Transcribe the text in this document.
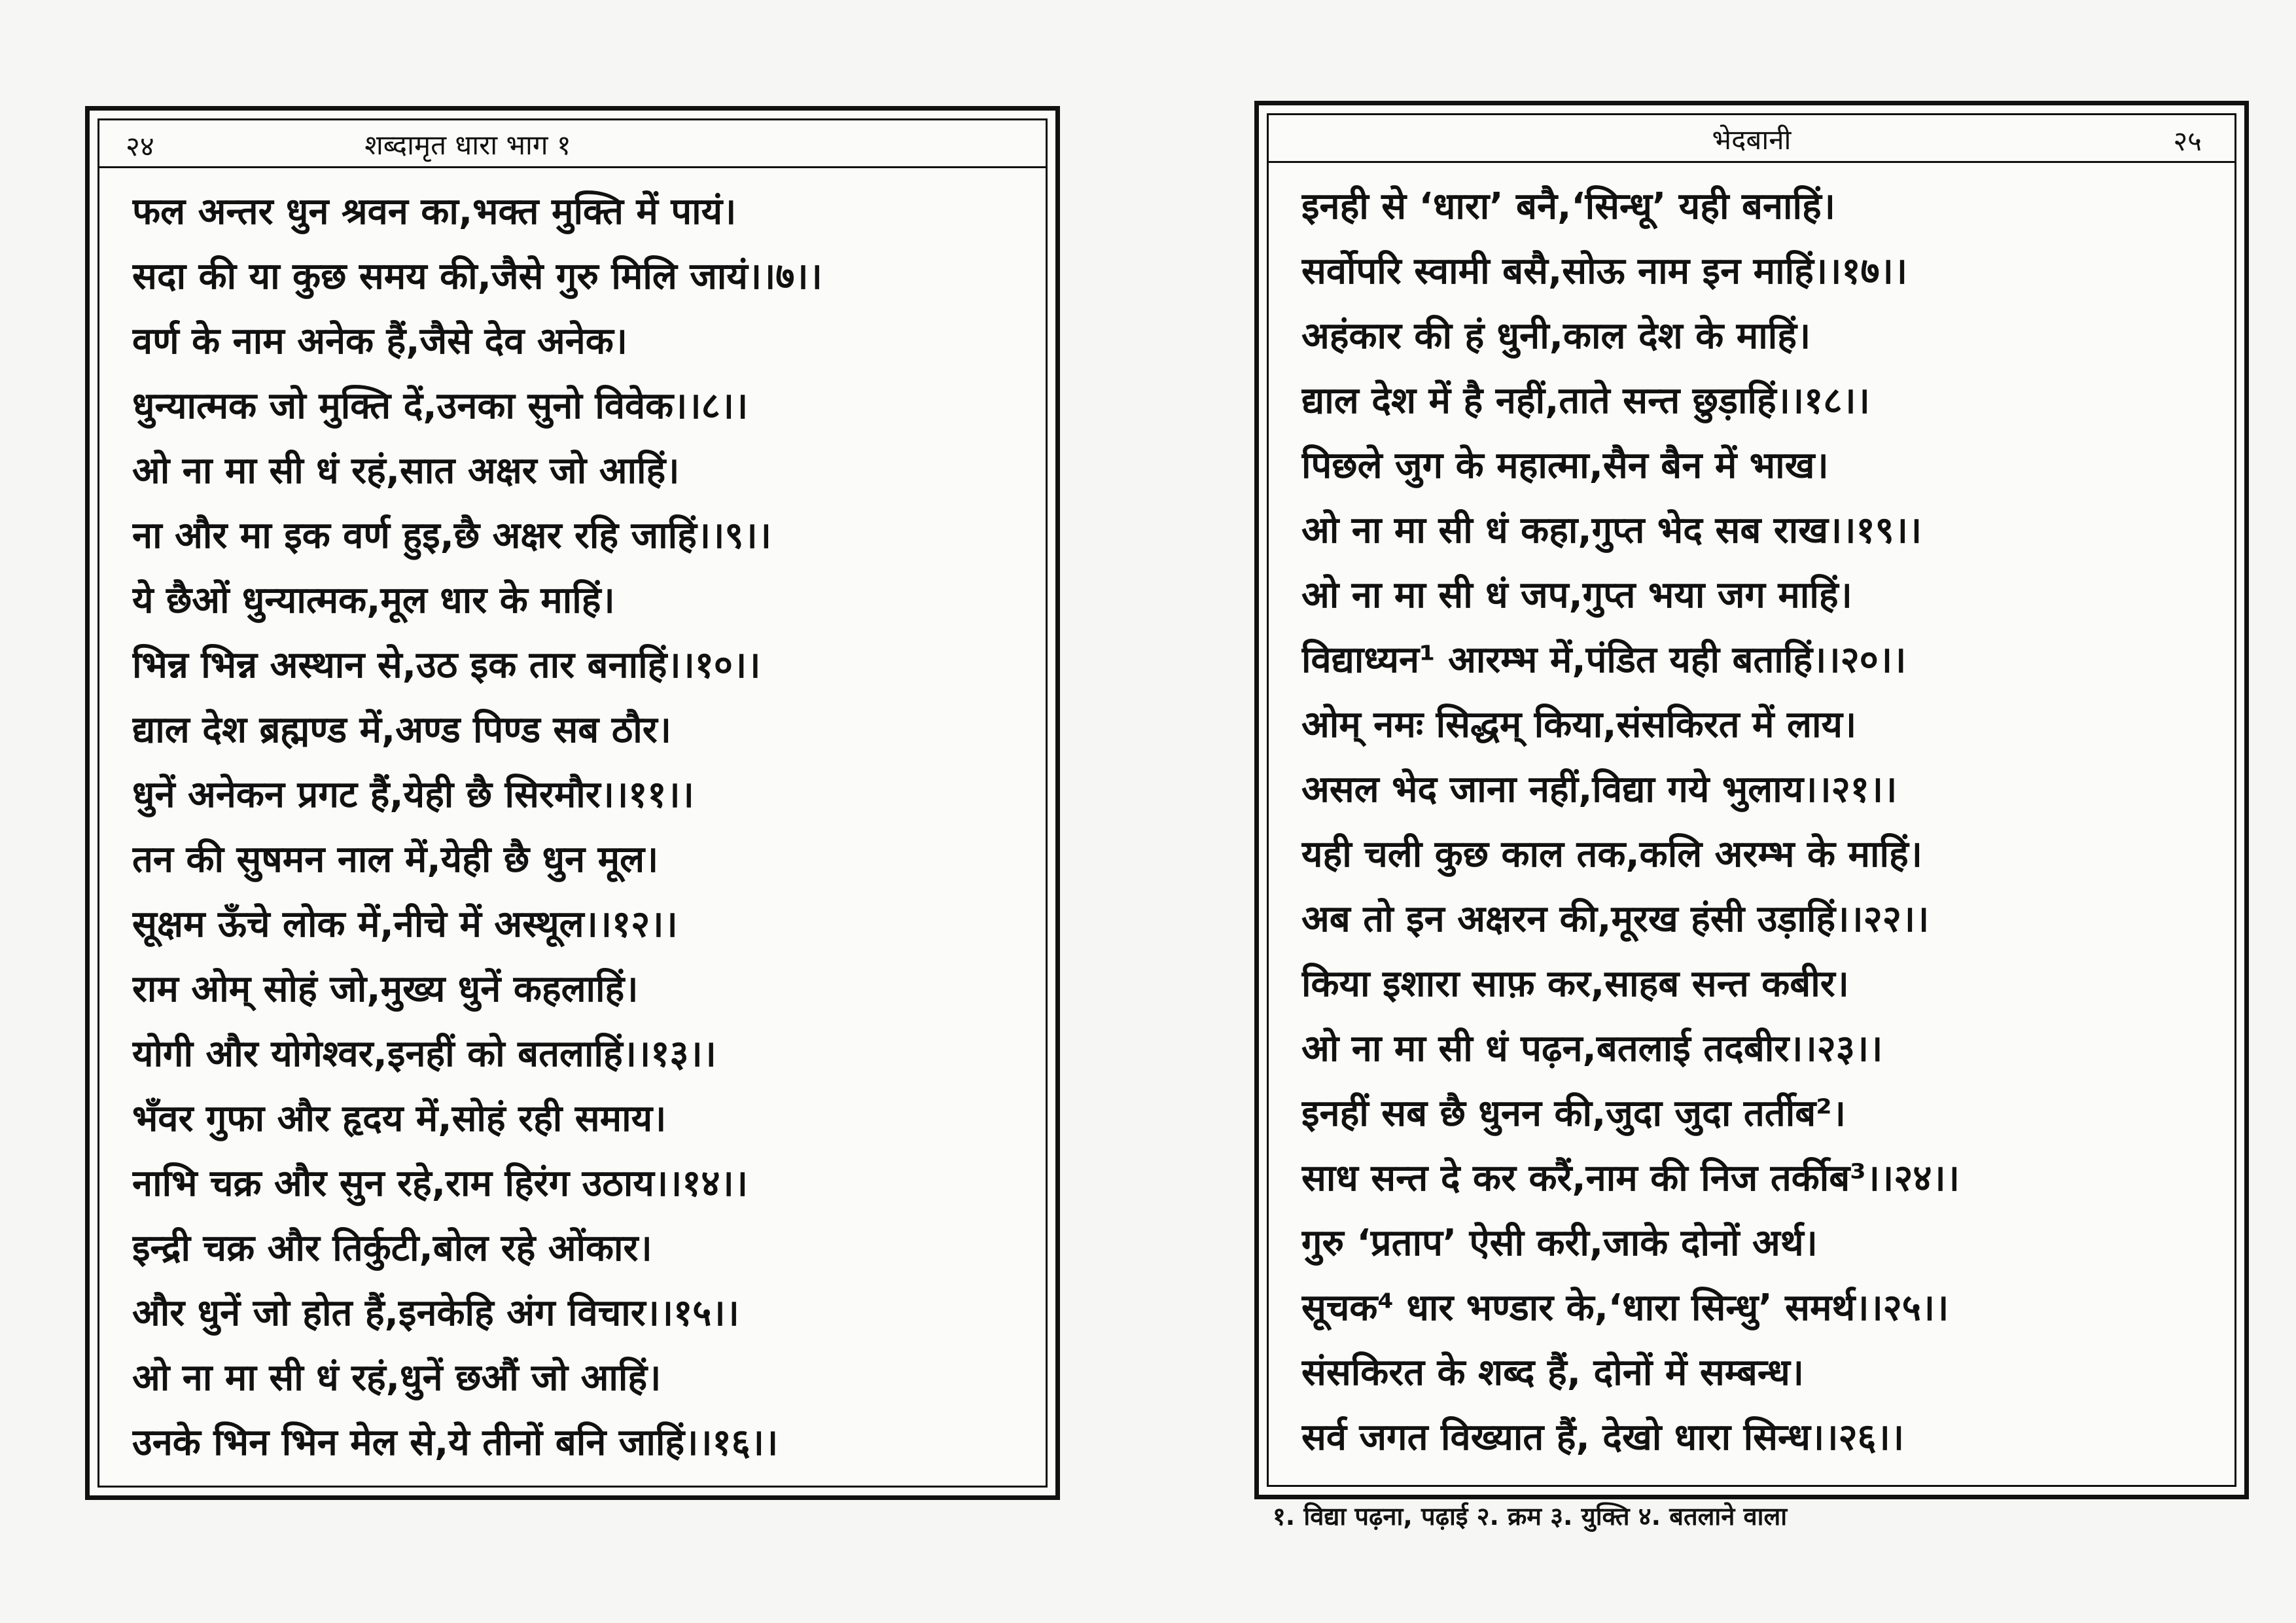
२४	शब्दामृत धारा भाग १
फल अन्तर धुन श्रवन का,भक्त मुक्ति में पायं।
सदा की या कुछ समय की,जैसे गुरु मिलि जायं।।७।।
वर्ण के नाम अनेक हैं,जैसे देव अनेक।
धुन्यात्मक जो मुक्ति दें,उनका सुनो विवेक।।८।।
ओ ना मा सी धं रहं,सात अक्षर जो आहिं।
ना और मा इक वर्ण हुइ,छै अक्षर रहि जाहिं।।९।।
ये छैओं धुन्यात्मक,मूल धार के माहिं।
भिन्न भिन्न अस्थान से,उठ इक तार बनाहिं।।१०।।
द्याल देश ब्रह्मण्ड में,अण्ड पिण्ड सब ठौर।
धुनें अनेकन प्रगट हैं,येही छै सिरमौर।।११।।
तन की सुषमन नाल में,येही छै धुन मूल।
सूक्षम ऊँचे लोक में,नीचे में अस्थूल।।१२।।
राम ओम् सोहं जो,मुख्य धुनें कहलाहिं।
योगी और योगेश्वर,इनहीं को बतलाहिं।।१३।।
भँवर गुफा और हृदय में,सोहं रही समाय।
नाभि चक्र और सुन रहे,राम हिरंग उठाय।।१४।।
इन्द्री चक्र और तिर्कुटी,बोल रहे ओंकार।
और धुनें जो होत हैं,इनकेहि अंग विचार।।१५।।
ओ ना मा सी धं रहं,धुनें छऔं जो आहिं।
उनके भिन भिन मेल से,ये तीनों बनि जाहिं।।१६।।
भेदबानी	२५
इनही से ‘धारा’ बनै,‘सिन्धू’ यही बनाहिं।
सर्वोपरि स्वामी बसै,सोऊ नाम इन माहिं।।१७।।
अहंकार की हं धुनी,काल देश के माहिं।
द्याल देश में है नहीं,ताते सन्त छुड़ाहिं।।१८।।
पिछले जुग के महात्मा,सैन बैन में भाख।
ओ ना मा सी धं कहा,गुप्त भेद सब राख।।१९।।
ओ ना मा सी धं जप,गुप्त भया जग माहिं।
विद्याध्यन¹ आरम्भ में,पंडित यही बताहिं।।२०।।
ओम् नमः सिद्धम् किया,संसकिरत में लाय।
असल भेद जाना नहीं,विद्या गये भुलाय।।२१।।
यही चली कुछ काल तक,कलि अरम्भ के माहिं।
अब तो इन अक्षरन की,मूरख हंसी उड़ाहिं।।२२।।
किया इशारा साफ़ कर,साहब सन्त कबीर।
ओ ना मा सी धं पढ़न,बतलाई तदबीर।।२३।।
इनहीं सब छै धुनन की,जुदा जुदा तर्तीब²।
साध सन्त दे कर करैं,नाम की निज तर्कीब³।।२४।।
गुरु ‘प्रताप’ ऐसी करी,जाके दोनों अर्थ।
सूचक⁴ धार भण्डार के,‘धारा सिन्धु’ समर्थ।।२५।।
संसकिरत के शब्द हैं, दोनों में सम्बन्ध।
सर्व जगत विख्यात हैं, देखो धारा सिन्ध।।२६।।
१. विद्या पढ़ना, पढ़ाई २. क्रम ३. युक्ति ४. बतलाने वाला
